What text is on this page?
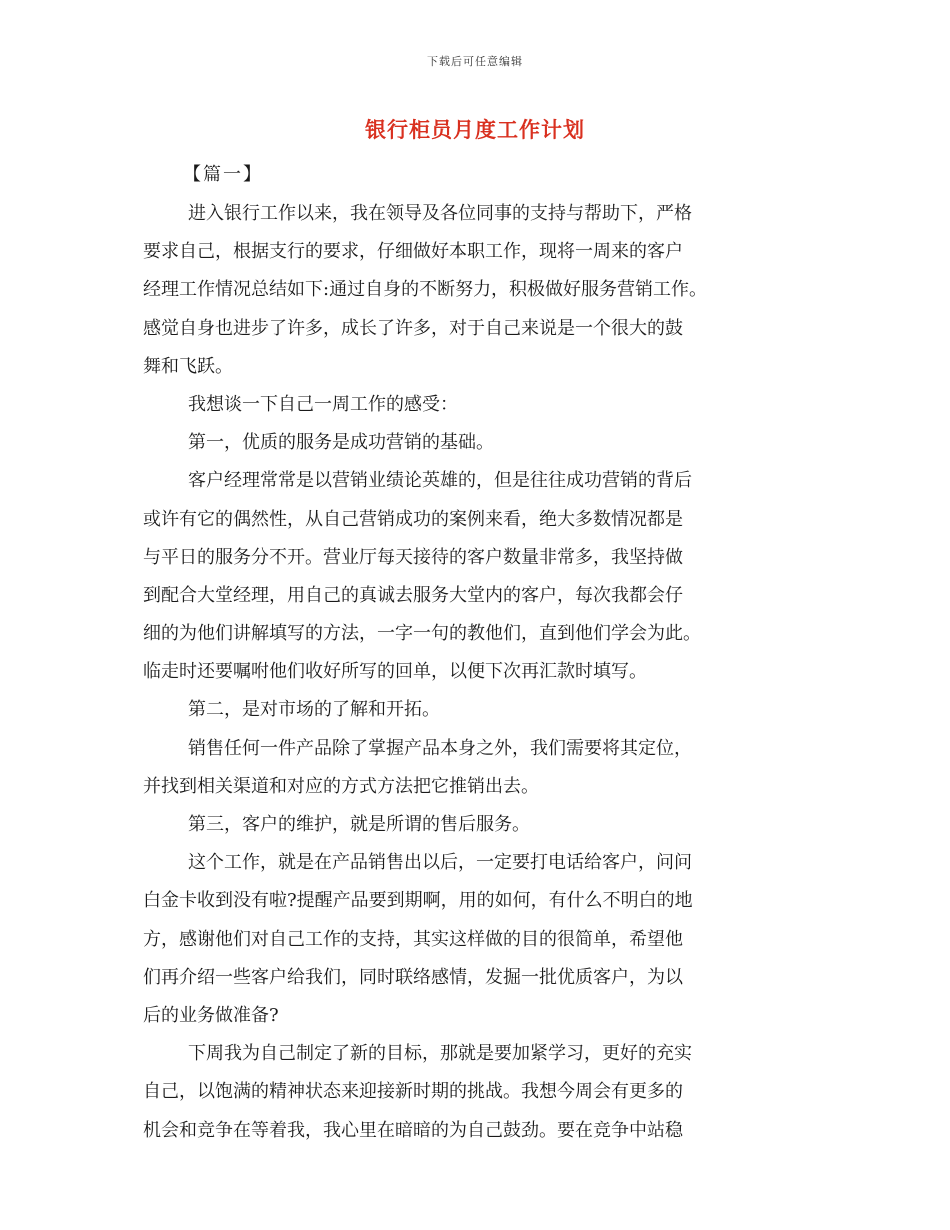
下载后可任意编辑
银行柜员月度工作计划
【篇一】
进入银行工作以来，我在领导及各位同事的支持与帮助下，严格
要求自己，根据支行的要求，仔细做好本职工作，现将一周来的客户
经理工作情况总结如下:通过自身的不断努力，积极做好服务营销工作。
感觉自身也进步了许多，成长了许多，对于自己来说是一个很大的鼓
舞和飞跃。
我想谈一下自己一周工作的感受：
第一，优质的服务是成功营销的基础。
客户经理常常是以营销业绩论英雄的，但是往往成功营销的背后
或许有它的偶然性，从自己营销成功的案例来看，绝大多数情况都是
与平日的服务分不开。营业厅每天接待的客户数量非常多，我坚持做
到配合大堂经理，用自己的真诚去服务大堂内的客户，每次我都会仔
细的为他们讲解填写的方法，一字一句的教他们，直到他们学会为此。
临走时还要嘱咐他们收好所写的回单，以便下次再汇款时填写。
第二，是对市场的了解和开拓。
销售任何一件产品除了掌握产品本身之外，我们需要将其定位，
并找到相关渠道和对应的方式方法把它推销出去。
第三，客户的维护，就是所谓的售后服务。
这个工作，就是在产品销售出以后，一定要打电话给客户，问问
白金卡收到没有啦?提醒产品要到期啊，用的如何，有什么不明白的地
方，感谢他们对自己工作的支持，其实这样做的目的很简单，希望他
们再介绍一些客户给我们，同时联络感情，发掘一批优质客户，为以
后的业务做准备?
下周我为自己制定了新的目标，那就是要加紧学习，更好的充实
自己，以饱满的精神状态来迎接新时期的挑战。我想今周会有更多的
机会和竞争在等着我，我心里在暗暗的为自己鼓劲。要在竞争中站稳
